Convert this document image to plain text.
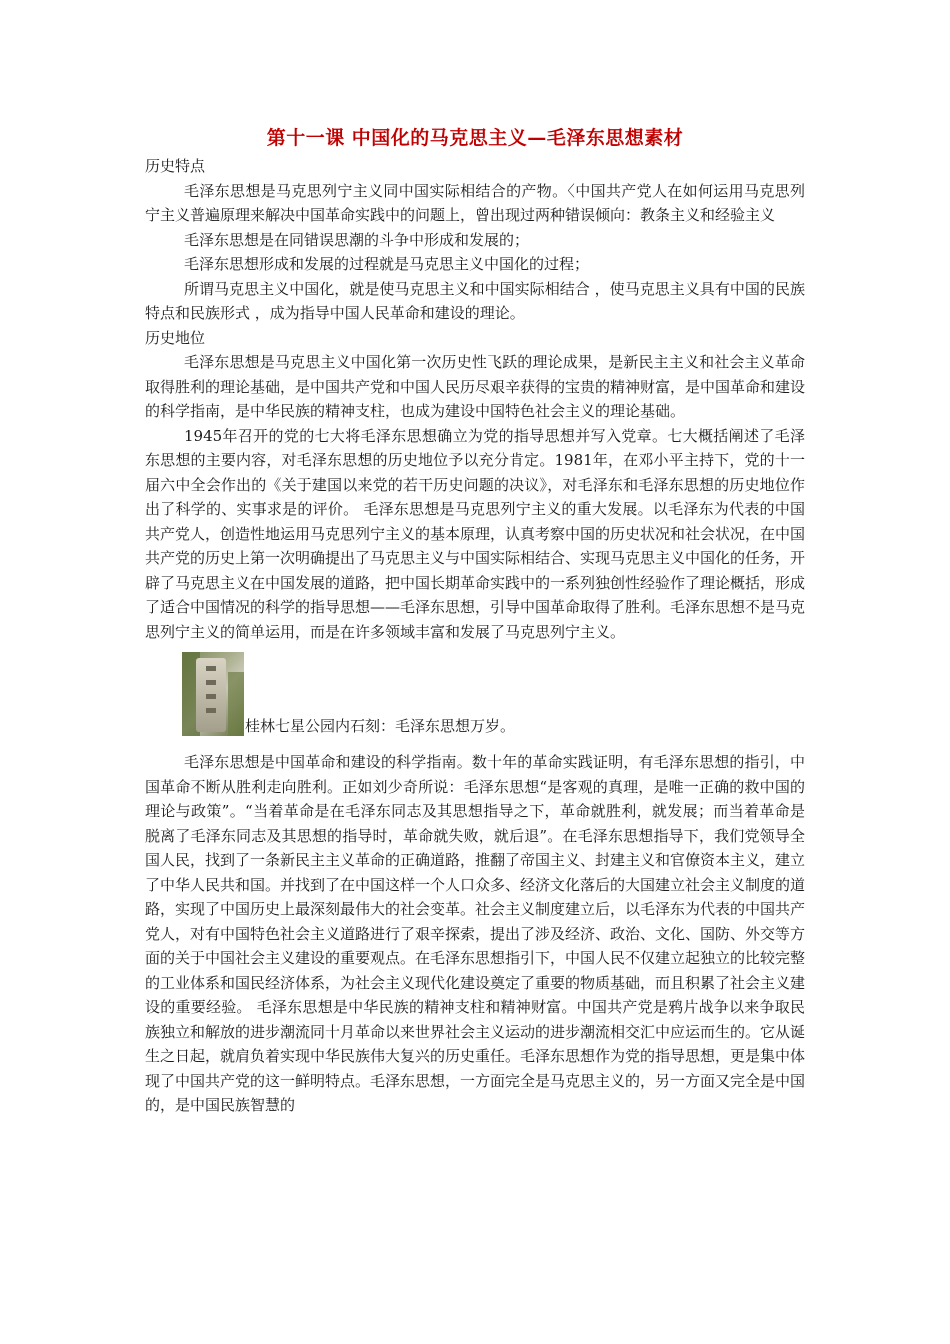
第十一课 中国化的马克思主义—毛泽东思想素材

历史特点

毛泽东思想是马克思列宁主义同中国实际相结合的产物。〈中国共产党人在如何运用马克思列宁主义普遍原理来解决中国革命实践中的问题上，曾出现过两种错误倾向：教条主义和经验主义

毛泽东思想是在同错误思潮的斗争中形成和发展的；

毛泽东思想形成和发展的过程就是马克思主义中国化的过程；

所谓马克思主义中国化，就是使马克思主义和中国实际相结合 ，使马克思主义具有中国的民族特点和民族形式 ，成为指导中国人民革命和建设的理论。

历史地位

毛泽东思想是马克思主义中国化第一次历史性飞跃的理论成果，是新民主主义和社会主义革命取得胜利的理论基础，是中国共产党和中国人民历尽艰辛获得的宝贵的精神财富，是中国革命和建设的科学指南，是中华民族的精神支柱，也成为建设中国特色社会主义的理论基础。

1945年召开的党的七大将毛泽东思想确立为党的指导思想并写入党章。七大概括阐述了毛泽东思想的主要内容，对毛泽东思想的历史地位予以充分肯定。1981年，在邓小平主持下，党的十一届六中全会作出的《关于建国以来党的若干历史问题的决议》，对毛泽东和毛泽东思想的历史地位作出了科学的、实事求是的评价。 毛泽东思想是马克思列宁主义的重大发展。以毛泽东为代表的中国共产党人，创造性地运用马克思列宁主义的基本原理，认真考察中国的历史状况和社会状况，在中国共产党的历史上第一次明确提出了马克思主义与中国实际相结合、实现马克思主义中国化的任务，开辟了马克思主义在中国发展的道路，把中国长期革命实践中的一系列独创性经验作了理论概括，形成了适合中国情况的科学的指导思想——毛泽东思想，引导中国革命取得了胜利。毛泽东思想不是马克思列宁主义的简单运用，而是在许多领域丰富和发展了马克思列宁主义。

桂林七星公园内石刻：毛泽东思想万岁。

毛泽东思想是中国革命和建设的科学指南。数十年的革命实践证明，有毛泽东思想的指引，中国革命不断从胜利走向胜利。正如刘少奇所说：毛泽东思想“是客观的真理，是唯一正确的救中国的理论与政策”。“当着革命是在毛泽东同志及其思想指导之下，革命就胜利，就发展；而当着革命是脱离了毛泽东同志及其思想的指导时，革命就失败，就后退”。在毛泽东思想指导下，我们党领导全国人民，找到了一条新民主主义革命的正确道路，推翻了帝国主义、封建主义和官僚资本主义，建立了中华人民共和国。并找到了在中国这样一个人口众多、经济文化落后的大国建立社会主义制度的道路，实现了中国历史上最深刻最伟大的社会变革。社会主义制度建立后，以毛泽东为代表的中国共产党人，对有中国特色社会主义道路进行了艰辛探索，提出了涉及经济、政治、文化、国防、外交等方面的关于中国社会主义建设的重要观点。在毛泽东思想指引下，中国人民不仅建立起独立的比较完整的工业体系和国民经济体系，为社会主义现代化建设奠定了重要的物质基础，而且积累了社会主义建设的重要经验。 毛泽东思想是中华民族的精神支柱和精神财富。中国共产党是鸦片战争以来争取民族独立和解放的进步潮流同十月革命以来世界社会主义运动的进步潮流相交汇中应运而生的。它从诞生之日起，就肩负着实现中华民族伟大复兴的历史重任。毛泽东思想作为党的指导思想，更是集中体现了中国共产党的这一鲜明特点。毛泽东思想，一方面完全是马克思主义的，另一方面又完全是中国的，是中国民族智慧的
